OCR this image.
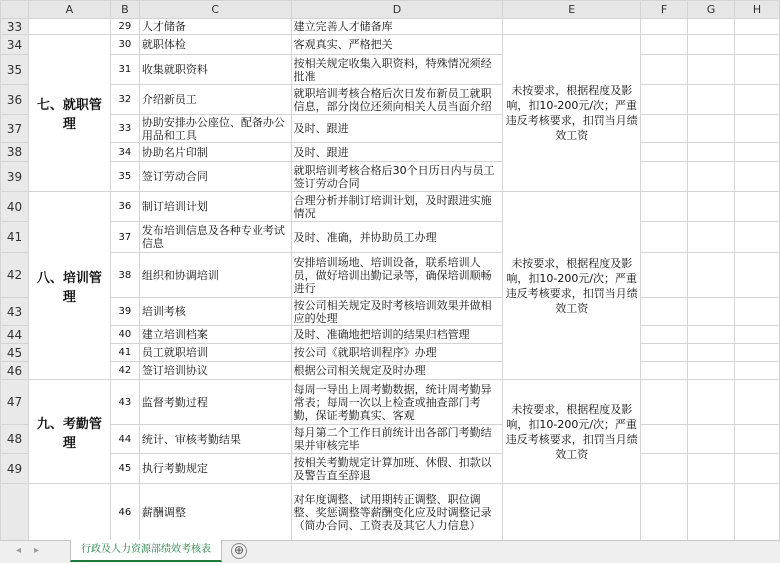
	A	B	C	D	E	F	G	H
33		29	人才储备	建立完善人才储备库				
34	七、就职管理	30	就职体检	客观真实、严格把关	未按要求，根据程度及影响，扣10-200元/次；严重违反考核要求，扣罚当月绩效工资			
35		31	收集就职资料	按相关规定收集入职资料，特殊情况须经批准				
36		32	介绍新员工	就职培训考核合格后次日发布新员工就职信息，部分岗位还须向相关人员当面介绍				
37		33	协助安排办公座位、配备办公用品和工具	及时、跟进				
38		34	协助名片印制	及时、跟进				
39		35	签订劳动合同	就职培训考核合格后30个日历日内与员工签订劳动合同				
40	八、培训管理	36	制订培训计划	合理分析并制订培训计划，及时跟进实施情况	未按要求，根据程度及影响，扣10-200元/次；严重违反考核要求，扣罚当月绩效工资			
41		37	发布培训信息及各种专业考试信息	及时、准确，并协助员工办理				
42		38	组织和协调培训	安排培训场地、培训设备，联系培训人员，做好培训出勤记录等，确保培训顺畅进行				
43		39	培训考核	按公司相关规定及时考核培训效果并做相应的处理				
44		40	建立培训档案	及时、准确地把培训的结果归档管理				
45		41	员工就职培训	按公司《就职培训程序》办理				
46		42	签订培训协议	根据公司相关规定及时办理				
47	九、考勤管理	43	监督考勤过程	每周一导出上周考勤数据，统计周考勤异常表；每周一次以上检查或抽查部门考勤，保证考勤真实、客观	未按要求，根据程度及影响，扣10-200元/次；严重违反考核要求，扣罚当月绩效工资			
48		44	统计、审核考勤结果	每月第二个工作日前统计出各部门考勤结果并审核完毕				
49		45	执行考勤规定	按相关考勤规定计算加班、休假、扣款以及警告直至辞退				
		46	薪酬调整	对年度调整、试用期转正调整、职位调整、奖惩调整等薪酬变化应及时调整记录（简办合同、工资表及其它人力信息）				
◂ ▸	行政及人力资源部绩效考核表	⊕
